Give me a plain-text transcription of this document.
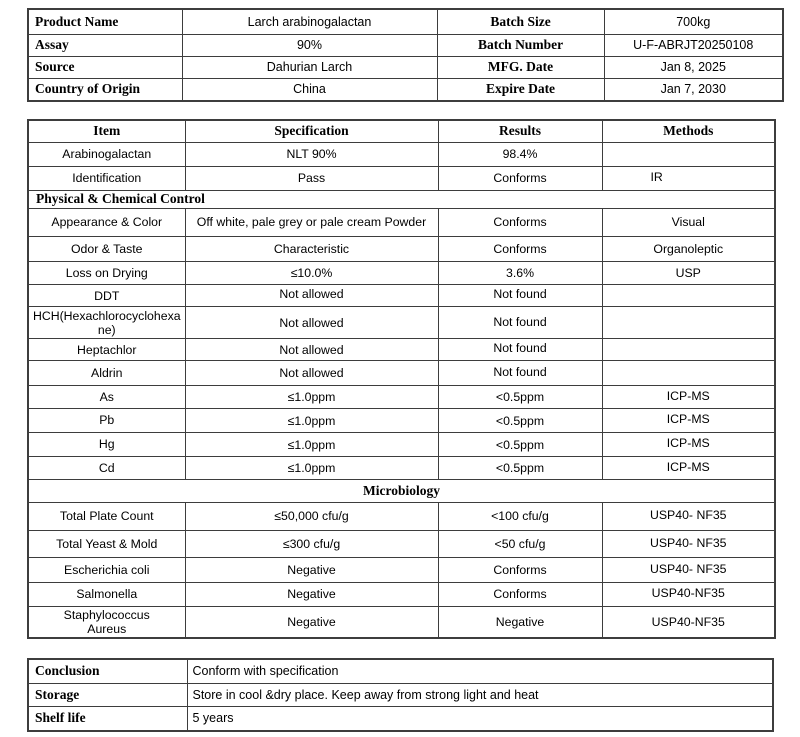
Product Name	Larch arabinogalactan	Batch Size	700kg
Assay	90%	Batch Number	U-F-ABRJT20250108
Source	Dahurian Larch	MFG. Date	Jan 8, 2025
Country of Origin	China	Expire Date	Jan 7, 2030
Item	Specification	Results	Methods
Arabinogalactan	NLT 90%	98.4%	
Identification	Pass	Conforms	IR
Physical & Chemical Control			
Appearance & Color	Off white, pale grey or pale cream Powder	Conforms	Visual
Odor & Taste	Characteristic	Conforms	Organoleptic
Loss on Drying	≤10.0%	3.6%	USP
DDT	Not allowed	Not found	
HCH(Hexachlorocyclohexane)	Not allowed	Not found	
Heptachlor	Not allowed	Not found	
Aldrin	Not allowed	Not found	
As	≤1.0ppm	<0.5ppm	ICP-MS
Pb	≤1.0ppm	<0.5ppm	ICP-MS
Hg	≤1.0ppm	<0.5ppm	ICP-MS
Cd	≤1.0ppm	<0.5ppm	ICP-MS
Microbiology			
Total Plate Count	≤50,000 cfu/g	<100 cfu/g	USP40- NF35
Total Yeast & Mold	≤300 cfu/g	<50 cfu/g	USP40- NF35
Escherichia coli	Negative	Conforms	USP40- NF35
Salmonella	Negative	Conforms	USP40-NF35
Staphylococcus Aureus	Negative	Negative	USP40-NF35
Conclusion	Conform with specification
Storage	Store in cool &dry place. Keep away from strong light and heat
Shelf life	5 years
